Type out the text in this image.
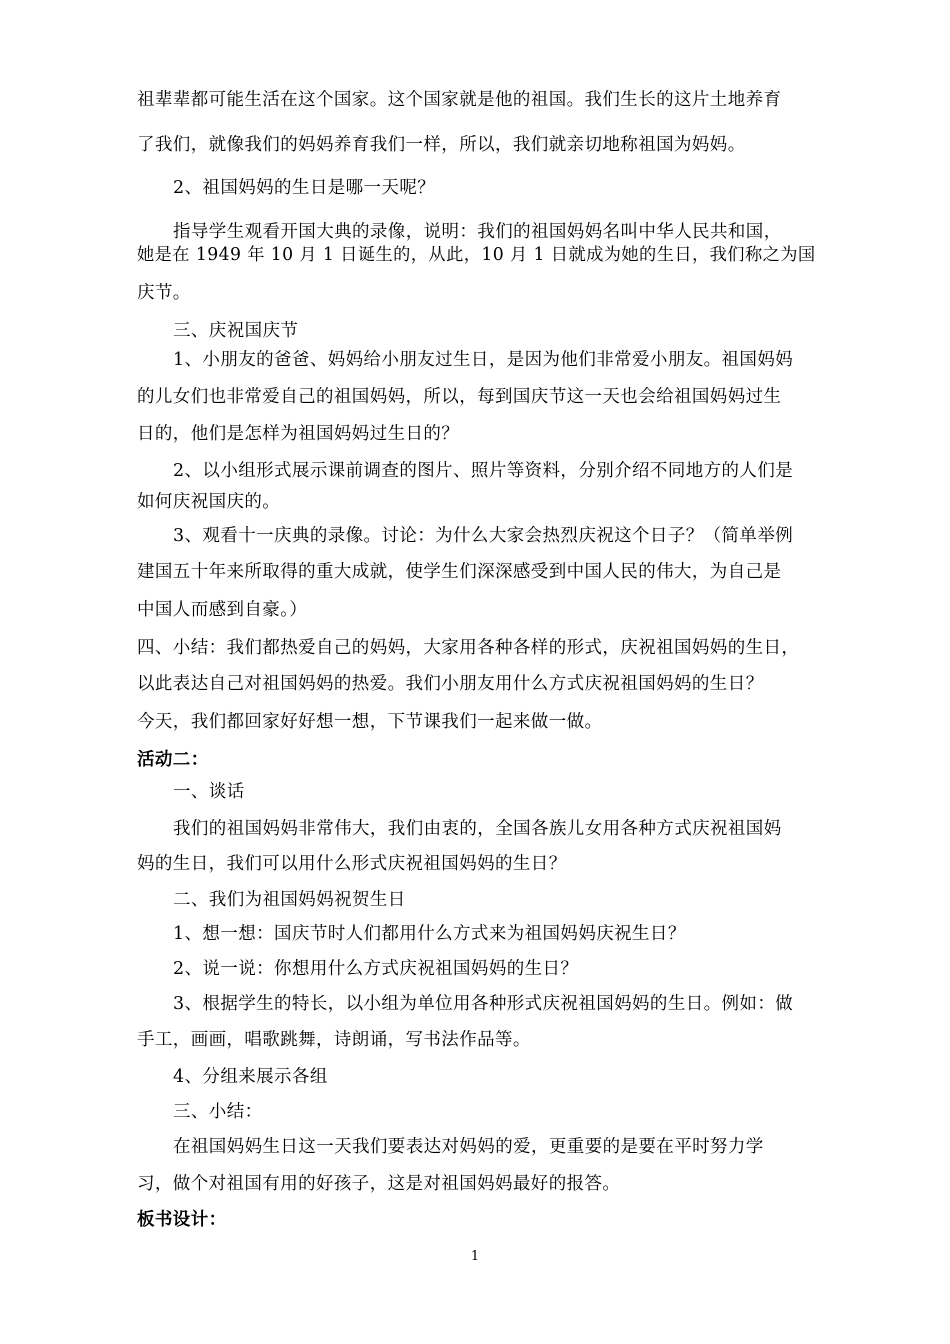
祖辈辈都可能生活在这个国家。这个国家就是他的祖国。我们生长的这片土地养育
了我们，就像我们的妈妈养育我们一样，所以，我们就亲切地称祖国为妈妈。
2、祖国妈妈的生日是哪一天呢？
指导学生观看开国大典的录像，说明：我们的祖国妈妈名叫中华人民共和国，
她是在 1949 年 10 月 1 日诞生的，从此，10 月 1 日就成为她的生日，我们称之为国
庆节。
三、庆祝国庆节
1、小朋友的爸爸、妈妈给小朋友过生日，是因为他们非常爱小朋友。祖国妈妈
的儿女们也非常爱自己的祖国妈妈，所以，每到国庆节这一天也会给祖国妈妈过生
日的，他们是怎样为祖国妈妈过生日的？
2、以小组形式展示课前调查的图片、照片等资料，分别介绍不同地方的人们是
如何庆祝国庆的。
3、观看十一庆典的录像。讨论：为什么大家会热烈庆祝这个日子？（简单举例
建国五十年来所取得的重大成就，使学生们深深感受到中国人民的伟大，为自己是
中国人而感到自豪。）
四、小结：我们都热爱自己的妈妈，大家用各种各样的形式，庆祝祖国妈妈的生日，
以此表达自己对祖国妈妈的热爱。我们小朋友用什么方式庆祝祖国妈妈的生日？
今天，我们都回家好好想一想，下节课我们一起来做一做。
活动二：
一、谈话
我们的祖国妈妈非常伟大，我们由衷的，全国各族儿女用各种方式庆祝祖国妈
妈的生日，我们可以用什么形式庆祝祖国妈妈的生日？
二、我们为祖国妈妈祝贺生日
1、想一想：国庆节时人们都用什么方式来为祖国妈妈庆祝生日？
2、说一说：你想用什么方式庆祝祖国妈妈的生日？
3、根据学生的特长，以小组为单位用各种形式庆祝祖国妈妈的生日。例如：做
手工，画画，唱歌跳舞，诗朗诵，写书法作品等。
4、分组来展示各组
三、小结：
在祖国妈妈生日这一天我们要表达对妈妈的爱，更重要的是要在平时努力学
习，做个对祖国有用的好孩子，这是对祖国妈妈最好的报答。
板书设计：
1
